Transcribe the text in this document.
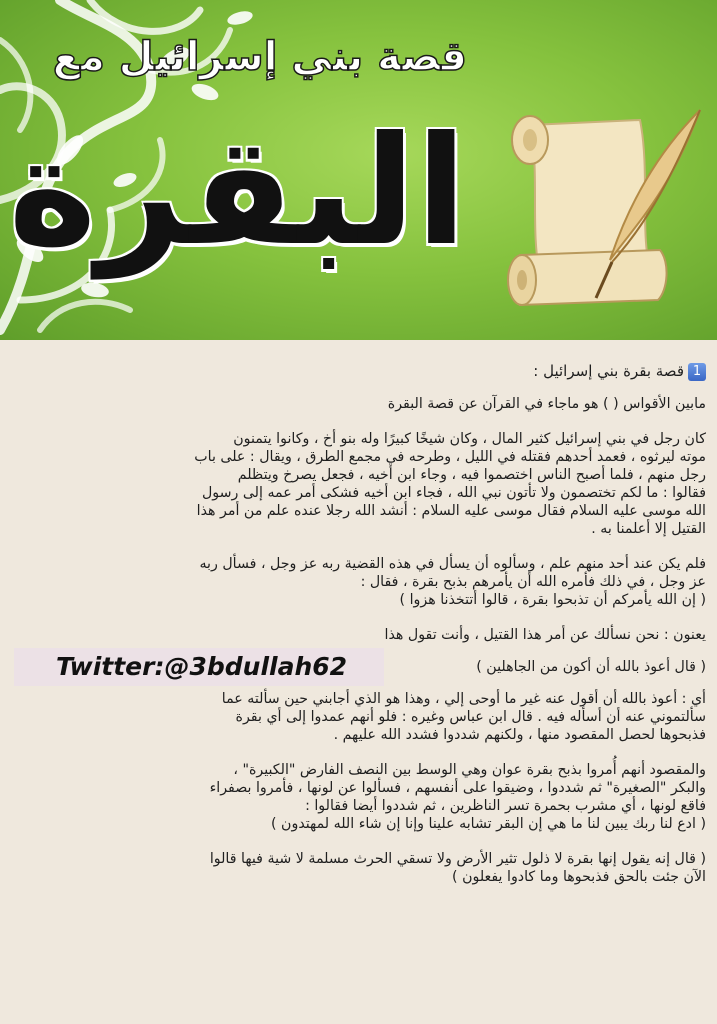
قصة بني إسرائيل مع
البقرة

1قصة بقرة بني إسرائيل :

مابين الأقواس ( ) هو ماجاء في القرآن عن قصة البقرة

كان رجل في بني إسرائيل كثير المال ، وكان شيخًا كبيرًا وله بنو أخ ، وكانوا يتمنون

موته ليرثوه ، فعمد أحدهم فقتله في الليل ، وطرحه في مجمع الطرق ، ويقال : على باب

رجل منهم ، فلما أصبح الناس اختصموا فيه ، وجاء ابن أخيه ، فجعل يصرخ ويتظلم

فقالوا : ما لكم تختصمون ولا تأتون نبي الله ، فجاء ابن أخيه فشكى أمر عمه إلى رسول

الله موسى عليه السلام فقال موسى عليه السلام : أنشد الله رجلا عنده علم من أمر هذا

القتيل إلا أعلمنا به .

فلم يكن عند أحد منهم علم ، وسألوه أن يسأل في هذه القضية ربه عز وجل ، فسأل ربه

عز وجل ، في ذلك فأمره الله أن يأمرهم بذبح بقرة ، فقال :

( إن الله يأمركم أن تذبحوا بقرة ، قالوا أتتخذنا هزوا )

يعنون : نحن نسألك عن أمر هذا القتيل ، وأنت تقول هذا

Twitter:@3bdullah62	( قال أعوذ بالله أن أكون من الجاهلين )

أي : أعوذ بالله أن أقول عنه غير ما أوحى إلي ، وهذا هو الذي أجابني حين سألته عما

سألتموني عنه أن أسأله فيه . قال ابن عباس وغيره : فلو أنهم عمدوا إلى أي بقرة

فذبحوها لحصل المقصود منها ، ولكنهم شددوا فشدد الله عليهم .

والمقصود أنهم أُمروا بذبح بقرة عوان وهي الوسط بين النصف الفارض "الكبيرة" ،

والبكر "الصغيرة" ثم شددوا ، وضيقوا على أنفسهم ، فسألوا عن لونها ، فأمروا بصفراء

فاقع لونها ، أي مشرب بحمرة تسر الناظرين ، ثم شددوا أيضا فقالوا :

( ادع لنا ربك يبين لنا ما هي إن البقر تشابه علينا وإنا إن شاء الله لمهتدون )

( قال إنه يقول إنها بقرة لا ذلول تثير الأرض ولا تسقي الحرث مسلمة لا شية فيها قالوا

الآن جئت بالحق فذبحوها وما كادوا يفعلون )
